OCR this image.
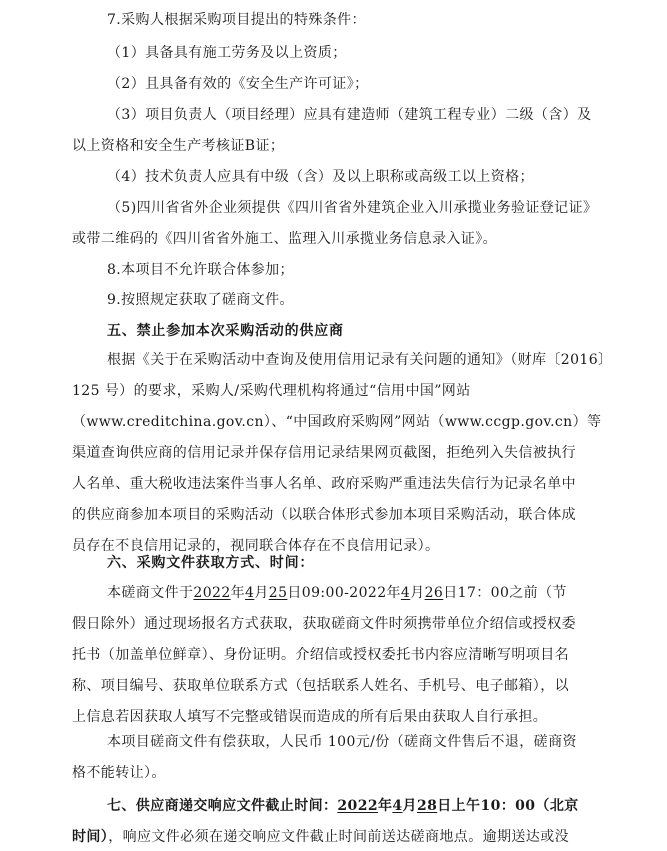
7.采购人根据采购项目提出的特殊条件：
（1）具备具有施工劳务及以上资质；
（2）且具备有效的《安全生产许可证》；
（3）项目负责人（项目经理）应具有建造师（建筑工程专业）二级（含）及
以上资格和安全生产考核证B证；
（4）技术负责人应具有中级（含）及以上职称或高级工以上资格；
（5)四川省省外企业须提供《四川省省外建筑企业入川承揽业务验证登记证》
或带二维码的《四川省省外施工、监理入川承揽业务信息录入证》。
8.本项目不允许联合体参加；
9.按照规定获取了磋商文件。
五、禁止参加本次采购活动的供应商
根据《关于在采购活动中查询及使用信用记录有关问题的通知》（财库〔2016〕
125 号）的要求，采购人/采购代理机构将通过“信用中国”网站
（www.creditchina.gov.cn）、“中国政府采购网”网站（www.ccgp.gov.cn）等
渠道查询供应商的信用记录并保存信用记录结果网页截图，拒绝列入失信被执行
人名单、重大税收违法案件当事人名单、政府采购严重违法失信行为记录名单中
的供应商参加本项目的采购活动（以联合体形式参加本项目采购活动，联合体成
员存在不良信用记录的，视同联合体存在不良信用记录）。
六、采购文件获取方式、时间：
本磋商文件于2022年4月25日09:00-2022年4月26日17：00之前（节
假日除外）通过现场报名方式获取，获取磋商文件时须携带单位介绍信或授权委
托书（加盖单位鲜章）、身份证明。介绍信或授权委托书内容应清晰写明项目名
称、项目编号、获取单位联系方式（包括联系人姓名、手机号、电子邮箱），以
上信息若因获取人填写不完整或错误而造成的所有后果由获取人自行承担。
本项目磋商文件有偿获取，人民币 100元/份（磋商文件售后不退，磋商资
格不能转让）。
七、供应商递交响应文件截止时间：2022年4月28日上午10：00（北京
时间），响应文件必须在递交响应文件截止时间前送达磋商地点。逾期送达或没
